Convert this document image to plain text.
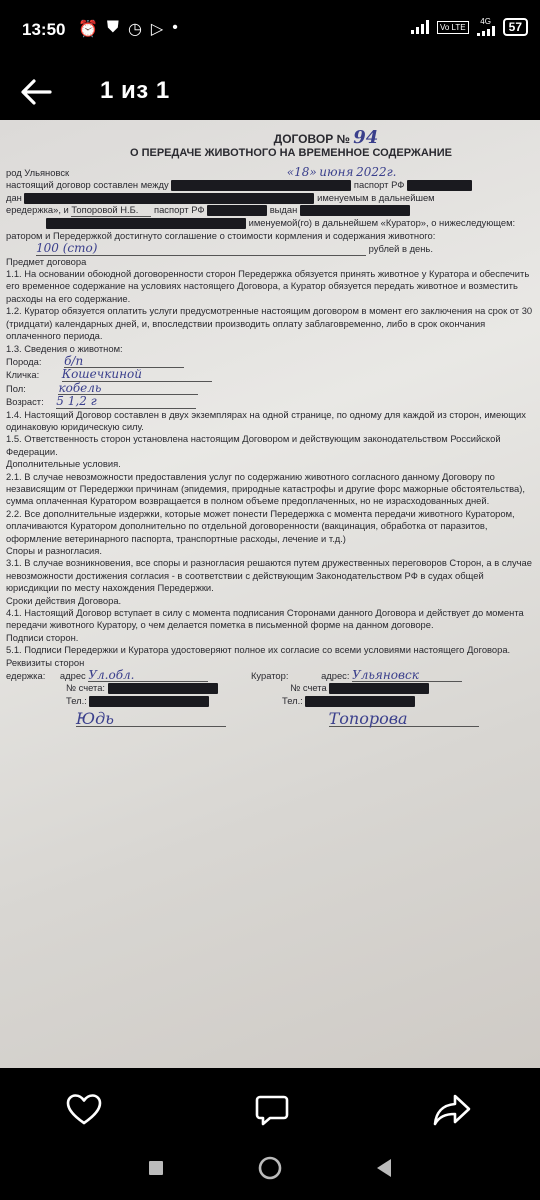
13:50 ⏰ ⛊ ◷ ▷ •	Vo LTE
4G	57
1 из 1
ДОГОВОР № 94
О ПЕРЕДАЧЕ ЖИВОТНОГО НА ВРЕМЕННОЕ СОДЕРЖАНИЕ

род Ульяновск	«18» июня 2022г.

настоящий договор составлен между	паспорт РФ

дан	именуемым в дальнейшем

ередержка», и Топоровой Н.Б. паспорт РФ	выдан

именуемой(го) в дальнейшем «Куратор», о нижеследующем:

ратором и Передержкой достигнуто соглашение о стоимости кормления и содержания животного:

100 (сто)	рублей в день.

Предмет договора

1.1. На основании обоюдной договоренности сторон Передержка обязуется принять животное у Куратора и обеспечить его временное содержание на условиях настоящего Договора, а Куратор обязуется передать животное и возместить расходы на его содержание.

1.2. Куратор обязуется оплатить услуги предусмотренные настоящим договором в момент его заключения на срок от 30 (тридцати) календарных дней, и, впоследствии производить оплату заблаговременно, либо в срок окончания оплаченного периода.

1.3. Сведения о животном:

Порода: б/п

Кличка: Кошечкиной

Пол:	кобель

Возраст: 5 1,2 г

1.4. Настоящий Договор составлен в двух экземплярах на одной странице, по одному для каждой из сторон, имеющих одинаковую юридическую силу.

1.5. Ответственность сторон установлена настоящим Договором и действующим законодательством Российской Федерации.

Дополнительные условия.

2.1. В случае невозможности предоставления услуг по содержанию животного согласного данному Договору по независящим от Передержки причинам (эпидемия, природные катастрофы и другие форс мажорные обстоятельства), сумма оплаченная Куратором возвращается в полном объеме предоплаченных, но не израсходованных дней.

2.2. Все дополнительные издержки, которые может понести Передержка с момента передачи животного Куратором, оплачиваются Куратором дополнительно по отдельной договоренности (вакцинация, обработка от паразитов, оформление ветеринарного паспорта, транспортные расходы, лечение и т.д.)

Споры и разногласия.

3.1. В случае возникновения, все споры и разногласия решаются путем дружественных переговоров Сторон, а в случае невозможности достижения согласия - в соответствии с действующим Законодательством РФ в судах общей юрисдикции по месту нахождения Передержки.

Сроки действия Договора.

4.1. Настоящий Договор вступает в силу с момента подписания Сторонами данного Договора и действует до момента передачи животного Куратору, о чем делается пометка в письменной форме на данном договоре.

Подписи сторон.

5.1. Подписи Передержки и Куратора удостоверяют полное их согласие со всеми условиями настоящего Договора.

Реквизиты сторон

едержка: адрес Ул.обл.	Куратор:	адрес: Ульяновск

№ счета:	№ счета

Тел.:	Тел.:

Юдь	Топорова
